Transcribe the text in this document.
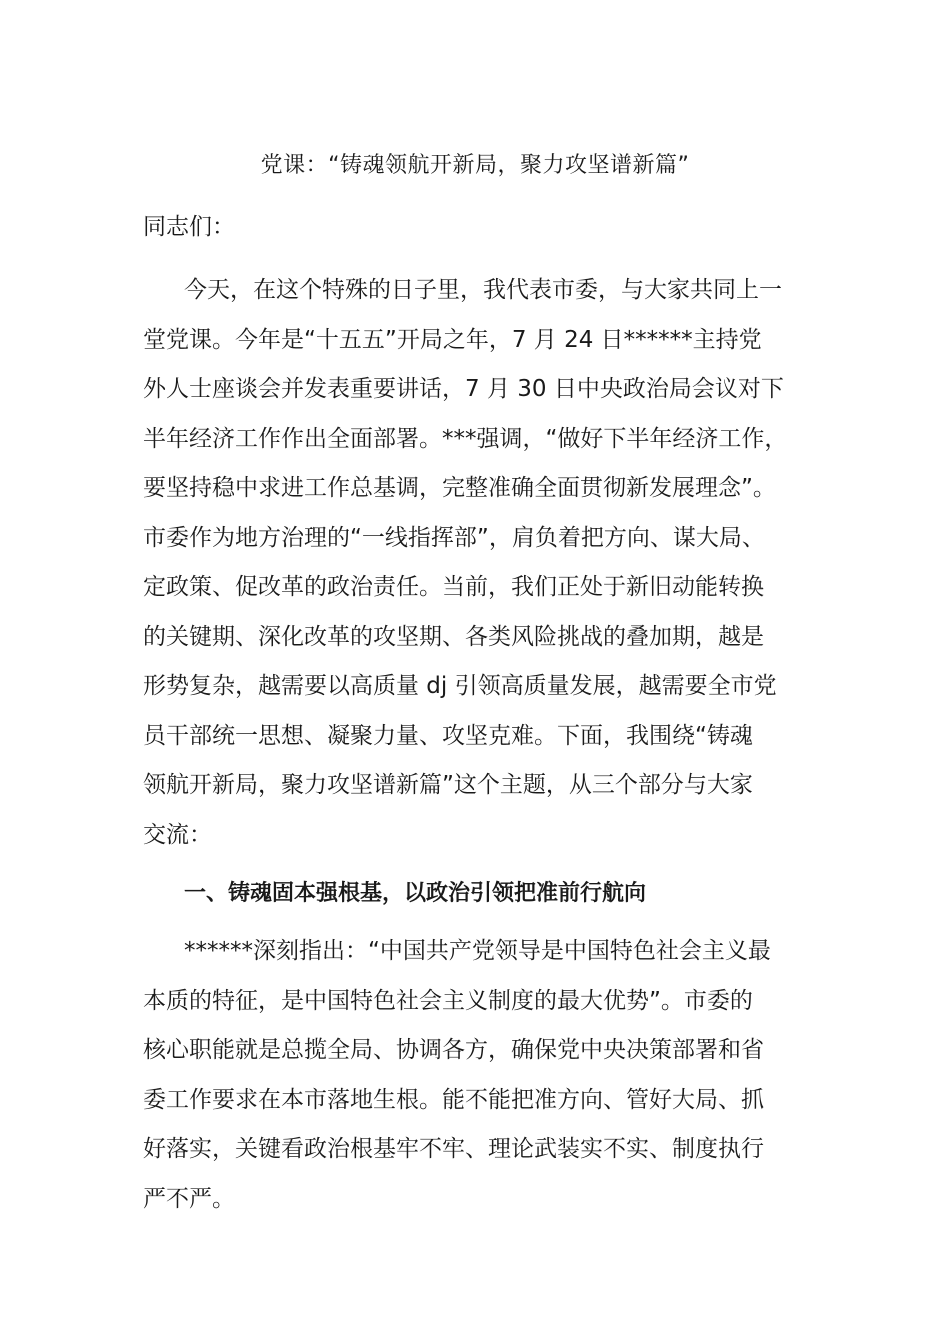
党课：“铸魂领航开新局，聚力攻坚谱新篇”
同志们：
今天，在这个特殊的日子里，我代表市委，与大家共同上一
堂党课。今年是“十五五”开局之年，7 月 24 日******主持党
外人士座谈会并发表重要讲话，7 月 30 日中央政治局会议对下
半年经济工作作出全面部署。***强调，“做好下半年经济工作，
要坚持稳中求进工作总基调，完整准确全面贯彻新发展理念”。
市委作为地方治理的“一线指挥部”，肩负着把方向、谋大局、
定政策、促改革的政治责任。当前，我们正处于新旧动能转换
的关键期、深化改革的攻坚期、各类风险挑战的叠加期，越是
形势复杂，越需要以高质量 dj 引领高质量发展，越需要全市党
员干部统一思想、凝聚力量、攻坚克难。下面，我围绕“铸魂
领航开新局，聚力攻坚谱新篇”这个主题，从三个部分与大家
交流：
一、铸魂固本强根基，以政治引领把准前行航向
******深刻指出：“中国共产党领导是中国特色社会主义最
本质的特征，是中国特色社会主义制度的最大优势”。市委的
核心职能就是总揽全局、协调各方，确保党中央决策部署和省
委工作要求在本市落地生根。能不能把准方向、管好大局、抓
好落实，关键看政治根基牢不牢、理论武装实不实、制度执行
严不严。
